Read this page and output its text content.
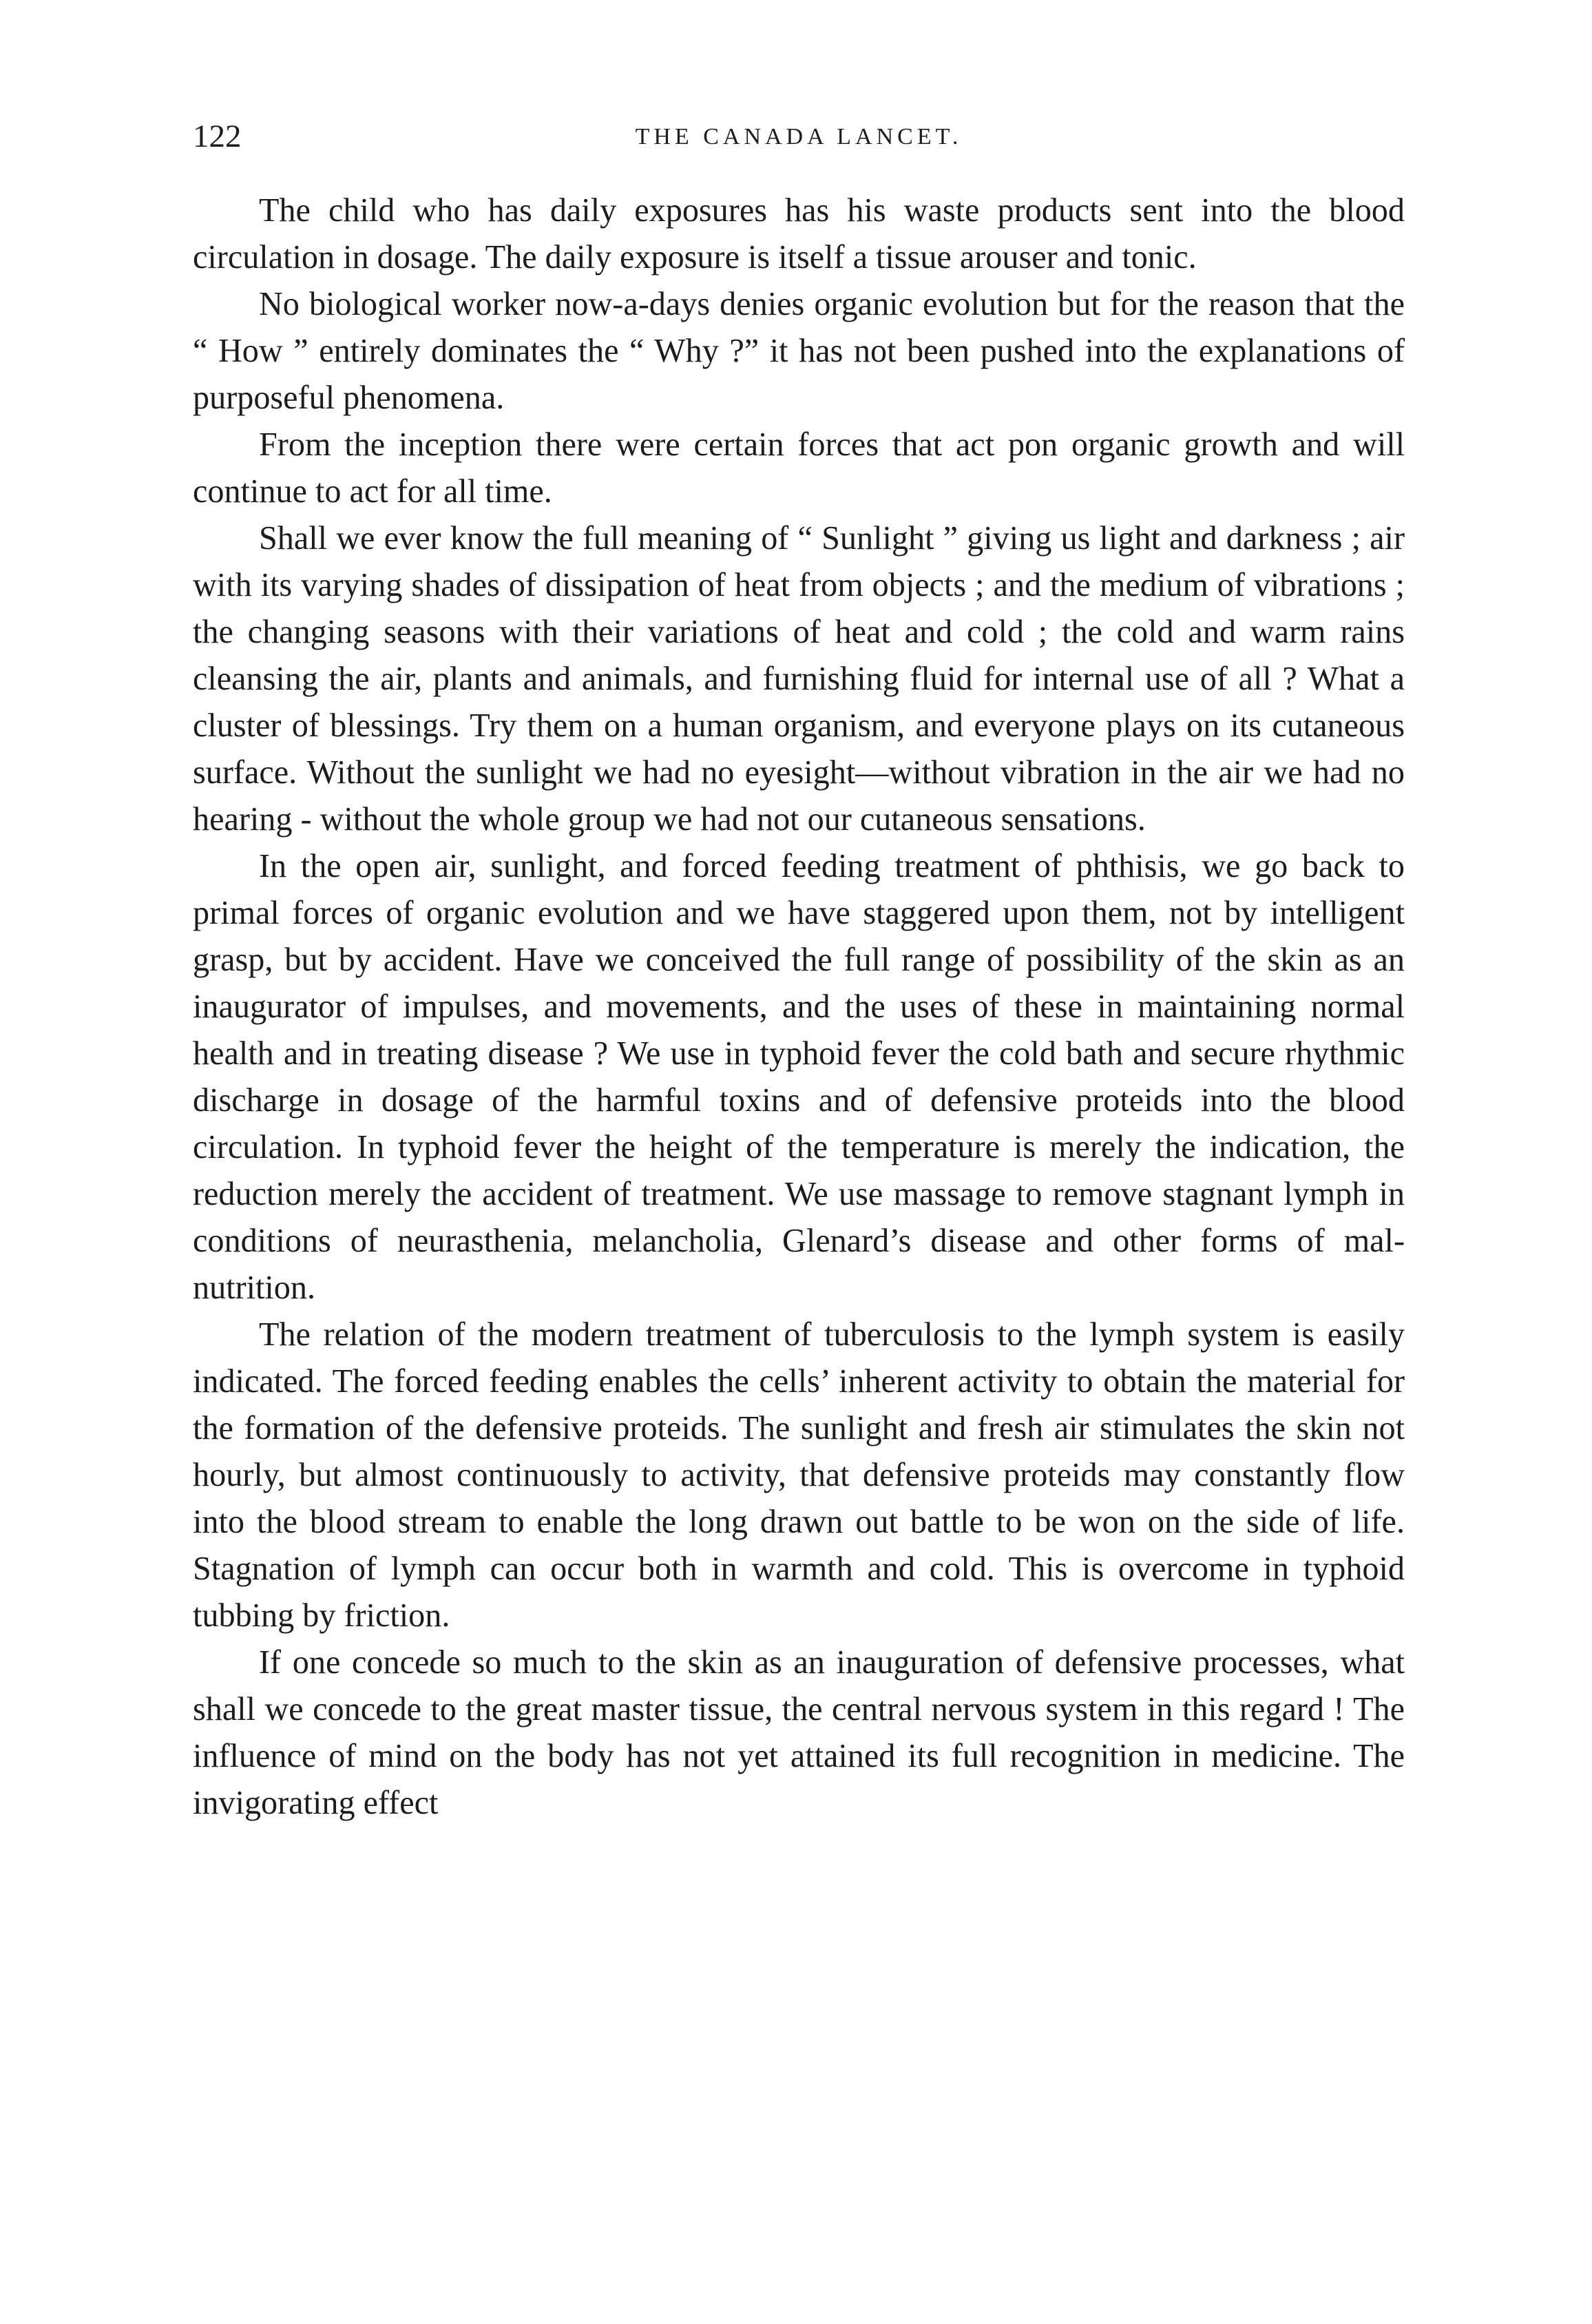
122	THE CANADA LANCET.

The child who has daily exposures has his waste products sent into the blood circulation in dosage. The daily exposure is itself a tissue arouser and tonic.

No biological worker now-a-days denies organic evolution but for the reason that the “ How ” entirely dominates the “ Why ?” it has not been pushed into the explanations of purposeful phenomena.

From the inception there were certain forces that act pon organic growth and will continue to act for all time.

Shall we ever know the full meaning of “ Sunlight ” giving us light and darkness ; air with its varying shades of dissipation of heat from objects ; and the medium of vibrations ; the changing seasons with their variations of heat and cold ; the cold and warm rains cleansing the air, plants and animals, and furnishing fluid for internal use of all ? What a cluster of blessings. Try them on a human organism, and everyone plays on its cutaneous surface. Without the sunlight we had no eyesight—without vibration in the air we had no hearing - without the whole group we had not our cutaneous sensations.

In the open air, sunlight, and forced feeding treatment of phthisis, we go back to primal forces of organic evolution and we have staggered upon them, not by intelligent grasp, but by accident. Have we conceived the full range of possibility of the skin as an inaugurator of impulses, and movements, and the uses of these in maintaining normal health and in treating disease ? We use in typhoid fever the cold bath and secure rhythmic discharge in dosage of the harmful toxins and of defensive proteids into the blood circulation. In typhoid fever the height of the temperature is merely the indication, the reduction merely the accident of treatment. We use massage to remove stagnant lymph in conditions of neurasthenia, melancholia, Glenard’s disease and other forms of mal-nutrition.

The relation of the modern treatment of tuberculosis to the lymph system is easily indicated. The forced feeding enables the cells’ inherent activity to obtain the material for the formation of the defensive proteids. The sunlight and fresh air stimulates the skin not hourly, but almost continuously to activity, that defensive proteids may constantly flow into the blood stream to enable the long drawn out battle to be won on the side of life. Stagnation of lymph can occur both in warmth and cold. This is overcome in typhoid tubbing by friction.

If one concede so much to the skin as an inauguration of defensive processes, what shall we concede to the great master tissue, the central nervous system in this regard ! The influence of mind on the body has not yet attained its full recognition in medicine. The invigorating effect
